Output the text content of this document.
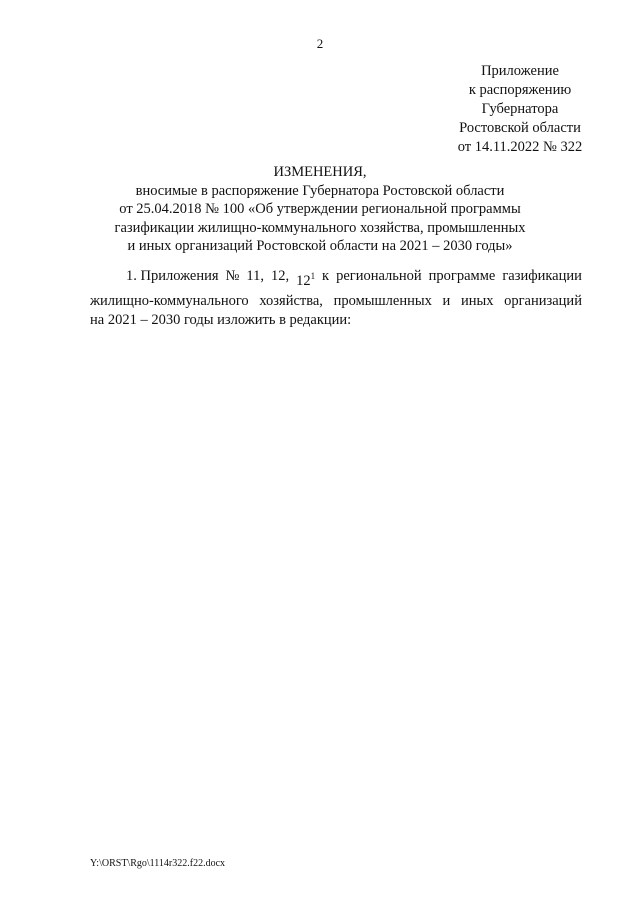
2
Приложение
к распоряжению
Губернатора
Ростовской области
от 14.11.2022 № 322
ИЗМЕНЕНИЯ,
вносимые в распоряжение Губернатора Ростовской области
от 25.04.2018 № 100 «Об утверждении региональной программы
газификации жилищно-коммунального хозяйства, промышленных
и иных организаций Ростовской области на 2021 – 2030 годы»
1. Приложения № 11, 12, $12^1$ к региональной программе газификации
жилищно-коммунального хозяйства, промышленных и иных организаций
на 2021 – 2030 годы изложить в редакции:
Y:\ORST\Rgo\1114r322.f22.docx
